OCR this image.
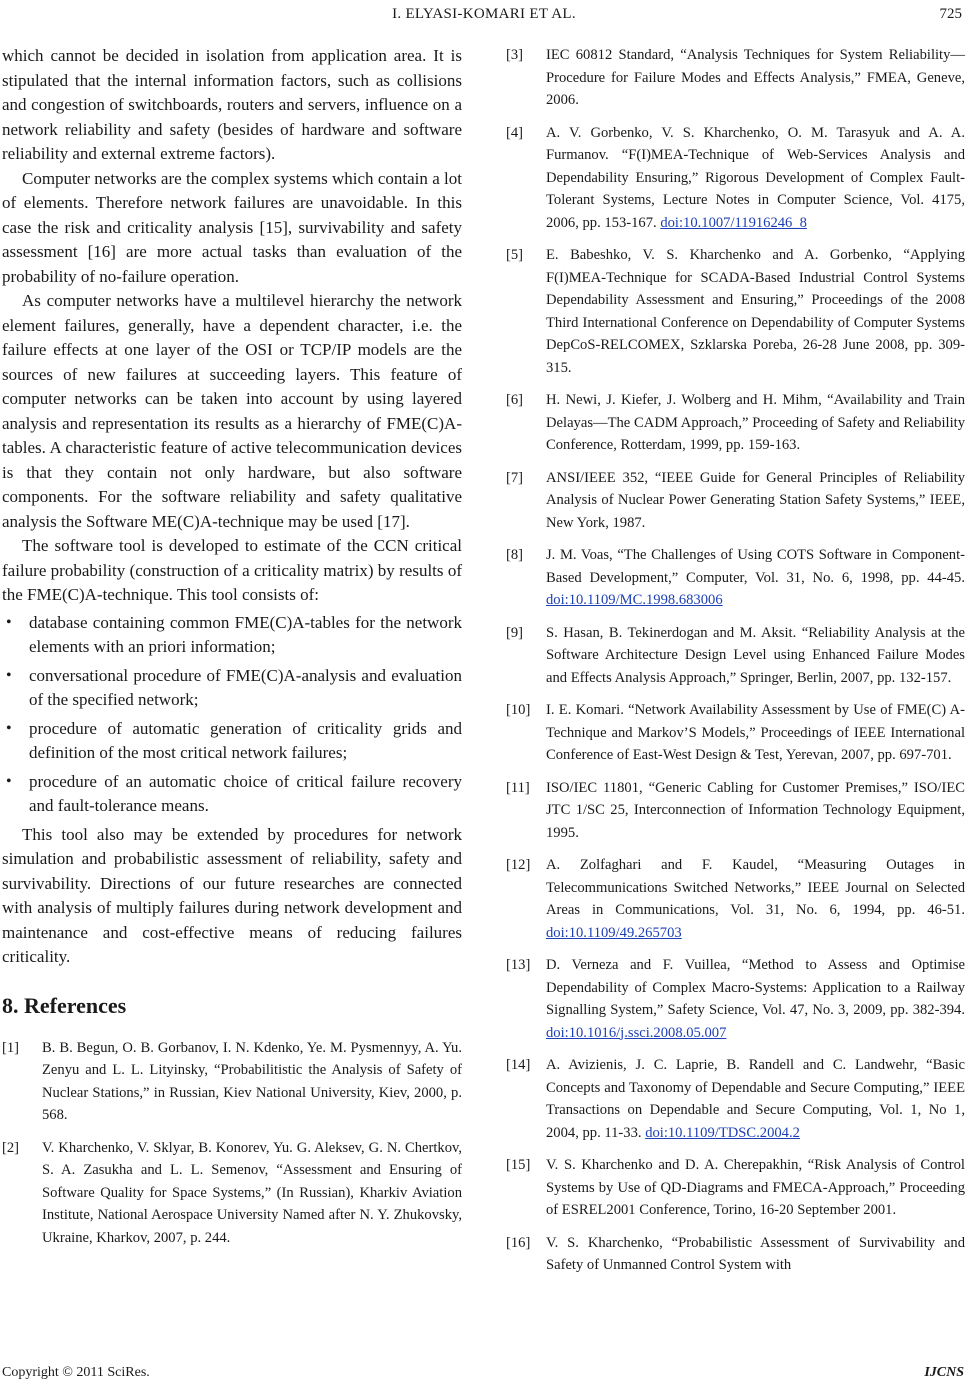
I. ELYASI-KOMARI ET AL.	725

which cannot be decided in isolation from application area. It is stipulated that the internal information factors, such as collisions and congestion of switchboards, routers and servers, influence on a network reliability and safety (besides of hardware and software reliability and external extreme factors).

Computer networks are the complex systems which contain a lot of elements. Therefore network failures are unavoidable. In this case the risk and criticality analysis [15], survivability and safety assessment [16] are more actual tasks than evaluation of the probability of no-failure operation.

As computer networks have a multilevel hierarchy the network element failures, generally, have a dependent character, i.e. the failure effects at one layer of the OSI or TCP/IP models are the sources of new failures at succeeding layers. This feature of computer networks can be taken into account by using layered analysis and representation its results as a hierarchy of FME(C)A-tables. A characteristic feature of active telecommunication devices is that they contain not only hardware, but also software components. For the software reliability and safety qualitative analysis the Software ME(C)A-technique may be used [17].

The software tool is developed to estimate of the CCN critical failure probability (construction of a criticality matrix) by results of the FME(C)A-technique. This tool consists of:

• database containing common FME(C)A-tables for the network elements with an priori information;
• conversational procedure of FME(C)A-analysis and evaluation of the specified network;
• procedure of automatic generation of criticality grids and definition of the most critical network failures;
• procedure of an automatic choice of critical failure recovery and fault-tolerance means.

This tool also may be extended by procedures for network simulation and probabilistic assessment of reliability, safety and survivability. Directions of our future researches are connected with analysis of multiply failures during network development and maintenance and cost-effective means of reducing failures criticality.

8. References
[1]	B. B. Begun, O. B. Gorbanov, I. N. Kdenko, Ye. M. Pysmennyy, A. Yu. Zenyu and L. L. Lityinsky, “Probabilitistic the Analysis of Safety of Nuclear Stations,” in Russian, Kiev National University, Kiev, 2000, p. 568.
[2]	V. Kharchenko, V. Sklyar, B. Konorev, Yu. G. Aleksev, G. N. Chertkov, S. A. Zasukha and L. L. Semenov, “Assessment and Ensuring of Software Quality for Space Systems,” (In Russian), Kharkiv Aviation Institute, National Aerospace University Named after N. Y. Zhukovsky, Ukraine, Kharkov, 2007, p. 244.
[3]	IEC 60812 Standard, “Analysis Techniques for System Reliability—Procedure for Failure Modes and Effects Analysis,” FMEA, Geneve, 2006.
[4]	A. V. Gorbenko, V. S. Kharchenko, O. M. Tarasyuk and A. A. Furmanov. “F(I)MEA-Technique of Web-Services Analysis and Dependability Ensuring,” Rigorous Development of Complex Fault-Tolerant Systems, Lecture Notes in Computer Science, Vol. 4175, 2006, pp. 153-167. doi:10.1007/11916246_8
[5]	E. Babeshko, V. S. Kharchenko and A. Gorbenko, “Applying F(I)MEA-Technique for SCADA-Based Industrial Control Systems Dependability Assessment and Ensuring,” Proceedings of the 2008 Third International Conference on Dependability of Computer Systems DepCoS-RELCOMEX, Szklarska Poreba, 26-28 June 2008, pp. 309-315.
[6]	H. Newi, J. Kiefer, J. Wolberg and H. Mihm, “Availability and Train Delayas—The CADM Approach,” Proceeding of Safety and Reliability Conference, Rotterdam, 1999, pp. 159-163.
[7]	ANSI/IEEE 352, “IEEE Guide for General Principles of Reliability Analysis of Nuclear Power Generating Station Safety Systems,” IEEE, New York, 1987.
[8]	J. M. Voas, “The Challenges of Using COTS Software in Component-Based Development,” Computer, Vol. 31, No. 6, 1998, pp. 44-45. doi:10.1109/MC.1998.683006
[9]	S. Hasan, B. Tekinerdogan and M. Aksit. “Reliability Analysis at the Software Architecture Design Level using Enhanced Failure Modes and Effects Analysis Approach,” Springer, Berlin, 2007, pp. 132-157.
[10]	I. E. Komari. “Network Availability Assessment by Use of FME(C) A-Technique and Markov’S Models,” Proceedings of IEEE International Conference of East-West Design & Test, Yerevan, 2007, pp. 697-701.
[11]	ISO/IEC 11801, “Generic Cabling for Customer Premises,” ISO/IEC JTC 1/SC 25, Interconnection of Information Technology Equipment, 1995.
[12]	A. Zolfaghari and F. Kaudel, “Measuring Outages in Telecommunications Switched Networks,” IEEE Journal on Selected Areas in Communications, Vol. 31, No. 6, 1994, pp. 46-51. doi:10.1109/49.265703
[13]	D. Verneza and F. Vuillea, “Method to Assess and Optimise Dependability of Complex Macro-Systems: Application to a Railway Signalling System,” Safety Science, Vol. 47, No. 3, 2009, pp. 382-394. doi:10.1016/j.ssci.2008.05.007
[14]	A. Avizienis, J. C. Laprie, B. Randell and C. Landwehr, “Basic Concepts and Taxonomy of Dependable and Secure Computing,” IEEE Transactions on Dependable and Secure Computing, Vol. 1, No 1, 2004, pp. 11-33. doi:10.1109/TDSC.2004.2
[15]	V. S. Kharchenko and D. A. Cherepakhin, “Risk Analysis of Control Systems by Use of QD-Diagrams and FMECA-Approach,” Proceeding of ESREL2001 Conference, Torino, 16-20 September 2001.
[16]	V. S. Kharchenko, “Probabilistic Assessment of Survivability and Safety of Unmanned Control System with
Copyright © 2011 SciRes.	IJCNS
